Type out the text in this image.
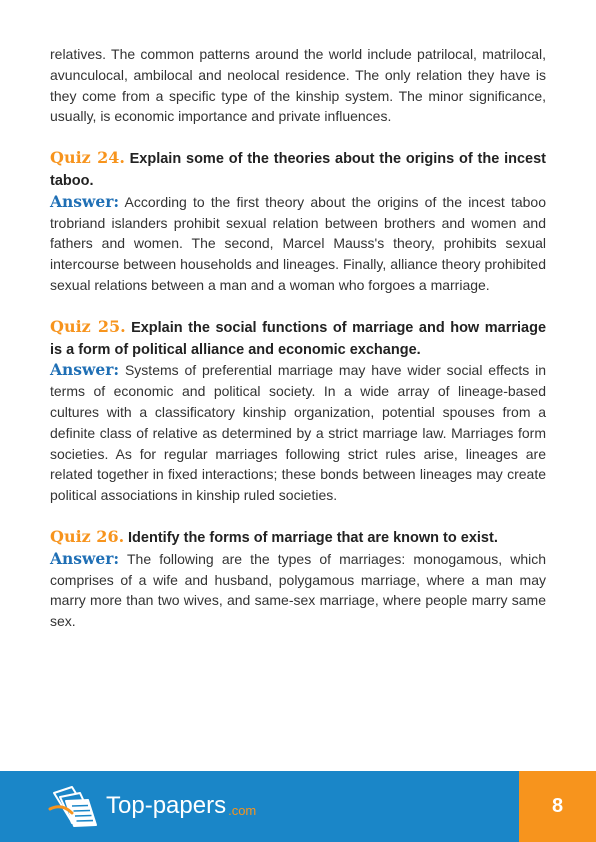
relatives. The common patterns around the world include patrilocal, matrilocal, avunculocal, ambilocal and neolocal residence. The only relation they have is they come from a specific type of the kinship system. The minor significance, usually, is economic importance and private influences.

Quiz 24. Explain some of the theories about the origins of the incest taboo.

Answer: According to the first theory about the origins of the incest taboo trobriand islanders prohibit sexual relation between brothers and women and fathers and women. The second, Marcel Mauss's theory, prohibits sexual intercourse between households and lineages. Finally, alliance theory prohibited sexual relations between a man and a woman who forgoes a marriage.

Quiz 25. Explain the social functions of marriage and how marriage is a form of political alliance and economic exchange.

Answer: Systems of preferential marriage may have wider social effects in terms of economic and political society. In a wide array of lineage-based cultures with a classificatory kinship organization, potential spouses from a definite class of relative as determined by a strict marriage law. Marriages form societies. As for regular marriages following strict rules arise, lineages are related together in fixed interactions; these bonds between lineages may create political associations in kinship ruled societies.

Quiz 26. Identify the forms of marriage that are known to exist.

Answer: The following are the types of marriages: monogamous, which comprises of a wife and husband, polygamous marriage, where a man may marry more than two wives, and same-sex marriage, where people marry same sex.

Top-papers .com	8
